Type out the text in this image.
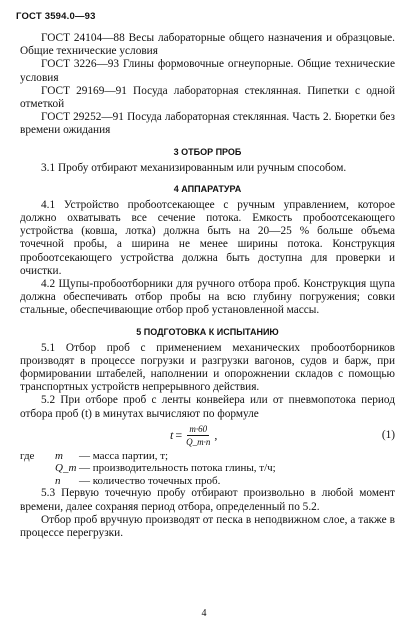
ГОСТ 3594.0—93

ГОСТ 24104—88 Весы лабораторные общего назначения и образцовые. Общие технические условия

ГОСТ 3226—93 Глины формовочные огнеупорные. Общие технические условия

ГОСТ 29169—91 Посуда лабораторная стеклянная. Пипетки с одной отметкой

ГОСТ 29252—91 Посуда лабораторная стеклянная. Часть 2. Бюретки без времени ожидания

3 ОТБОР ПРОБ

3.1 Пробу отбирают механизированным или ручным способом.

4 АППАРАТУРА

4.1 Устройство пробоотсекающее с ручным управлением, которое должно охватывать все сечение потока. Емкость пробоотсекающего устройства (ковша, лотка) должна быть на 20—25 % больше объема точечной пробы, а ширина не менее ширины потока. Конструкция пробоотсекающего устройства должна быть доступна для проверки и очистки.

4.2 Щупы-пробоотборники для ручного отбора проб. Конструкция щупа должна обеспечивать отбор пробы на всю глубину погружения; совки стальные, обеспечивающие отбор проб установленной массы.

5 ПОДГОТОВКА К ИСПЫТАНИЮ

5.1 Отбор проб с применением механических пробоотборников производят в процессе погрузки и разгрузки вагонов, судов и барж, при формировании штабелей, наполнении и опорожнении складов с помощью транспортных устройств непрерывного действия.

5.2 При отборе проб с ленты конвейера или от пневмопотока период отбора проб (t) в минутах вычисляют по формуле

$t = \frac{m\cdot 60}{Q\_m\cdot n}$ ,	(1)
где	m	— масса партии, т;
Q_m — производительность потока глины, т/ч;
n	— количество точечных проб.

5.3 Первую точечную пробу отбирают произвольно в любой момент времени, далее сохраняя период отбора, определенный по 5.2.

Отбор проб вручную производят от песка в неподвижном слое, а также в процессе перегрузки.

4
